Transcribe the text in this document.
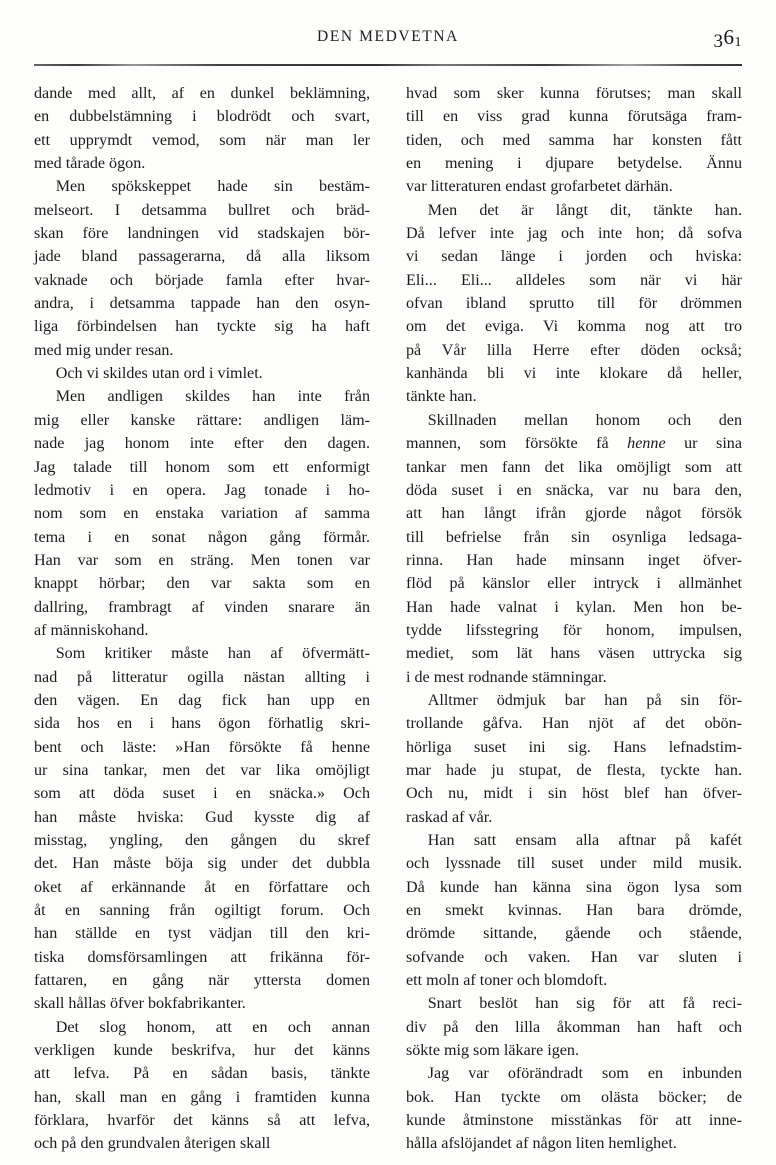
DEN MEDVETNA	361

dande med allt, af en dunkel beklämning,
en dubbelstämning i blodrödt och svart,
ett upprymdt vemod, som när man ler
med tårade ögon.

Men spökskeppet hade sin bestäm-
melseort. I detsamma bullret och bräd-
skan före landningen vid stadskajen bör-
jade bland passagerarna, då alla liksom
vaknade och började famla efter hvar-
andra, i detsamma tappade han den osyn-
liga förbindelsen han tyckte sig ha haft
med mig under resan.

Och vi skildes utan ord i vimlet.

Men andligen skildes han inte från
mig eller kanske rättare: andligen läm-
nade jag honom inte efter den dagen.
Jag talade till honom som ett enformigt
ledmotiv i en opera. Jag tonade i ho-
nom som en enstaka variation af samma
tema i en sonat någon gång förmår.
Han var som en sträng. Men tonen var
knappt hörbar; den var sakta som en
dallring, frambragt af vinden snarare än
af människohand.

Som kritiker måste han af öfvermätt-
nad på litteratur ogilla nästan allting i
den vägen. En dag fick han upp en
sida hos en i hans ögon förhatlig skri-
bent och läste: »Han försökte få henne
ur sina tankar, men det var lika omöjligt
som att döda suset i en snäcka.» Och
han måste hviska: Gud kysste dig af
misstag, yngling, den gången du skref
det. Han måste böja sig under det dubbla
oket af erkännande åt en författare och
åt en sanning från ogiltigt forum. Och
han ställde en tyst vädjan till den kri-
tiska domsförsamlingen att frikänna för-
fattaren, en gång när yttersta domen
skall hållas öfver bokfabrikanter.

Det slog honom, att en och annan
verkligen kunde beskrifva, hur det känns
att lefva. På en sådan basis, tänkte
han, skall man en gång i framtiden kunna
förklara, hvarför det känns så att lefva,
och på den grundvalen återigen skall

hvad som sker kunna förutses; man skall
till en viss grad kunna förutsäga fram-
tiden, och med samma har konsten fått
en mening i djupare betydelse. Ännu
var litteraturen endast grofarbetet därhän.

Men det är långt dit, tänkte han.
Då lefver inte jag och inte hon; då sofva
vi sedan länge i jorden och hviska:
Eli... Eli... alldeles som när vi här
ofvan ibland sprutto till för drömmen
om det eviga. Vi komma nog att tro
på Vår lilla Herre efter döden också;
kanhända bli vi inte klokare då heller,
tänkte han.

Skillnaden mellan honom och den
mannen, som försökte få henne ur sina
tankar men fann det lika omöjligt som att
döda suset i en snäcka, var nu bara den,
att han långt ifrån gjorde något försök
till befrielse från sin osynliga ledsaga-
rinna. Han hade minsann inget öfver-
flöd på känslor eller intryck i allmänhet
Han hade valnat i kylan. Men hon be-
tydde lifsstegring för honom, impulsen,
mediet, som lät hans väsen uttrycka sig
i de mest rodnande stämningar.

Alltmer ödmjuk bar han på sin för-
trollande gåfva. Han njöt af det obön-
hörliga suset ini sig. Hans lefnadstim-
mar hade ju stupat, de flesta, tyckte han.
Och nu, midt i sin höst blef han öfver-
raskad af vår.

Han satt ensam alla aftnar på kafét
och lyssnade till suset under mild musik.
Då kunde han känna sina ögon lysa som
en smekt kvinnas. Han bara drömde,
drömde sittande, gående och stående,
sofvande och vaken. Han var sluten i
ett moln af toner och blomdoft.

Snart beslöt han sig för att få reci-
div på den lilla åkomman han haft och
sökte mig som läkare igen.

Jag var oförändradt som en inbunden
bok. Han tyckte om olästa böcker; de
kunde åtminstone misstänkas för att inne-
hålla afslöjandet af någon liten hemlighet.
